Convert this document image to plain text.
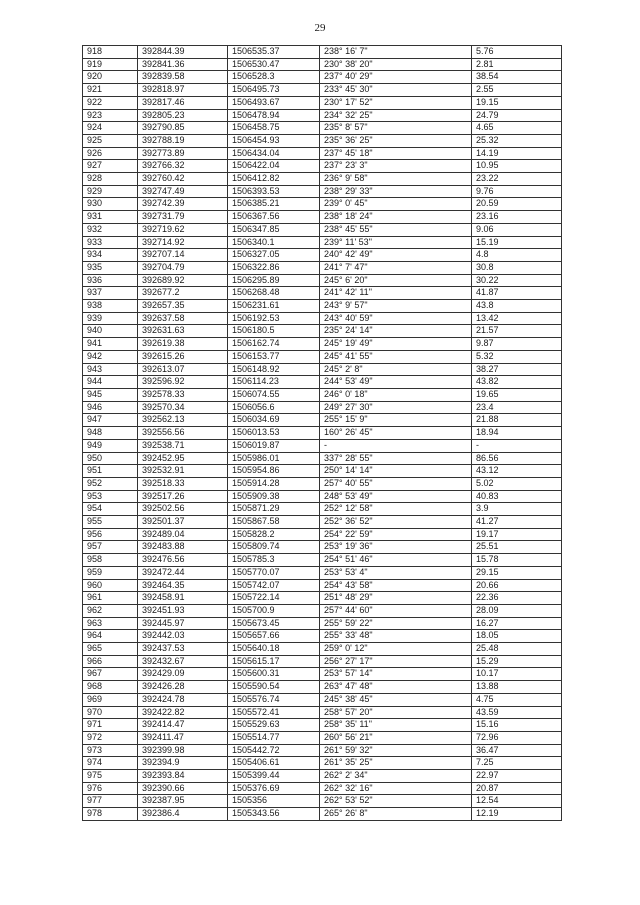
29
918	392844.39	1506535.37	238° 16' 7"	5.76
919	392841.36	1506530.47	230° 38' 20"	2.81
920	392839.58	1506528.3	237° 40' 29"	38.54
921	392818.97	1506495.73	233° 45' 30"	2.55
922	392817.46	1506493.67	230° 17' 52"	19.15
923	392805.23	1506478.94	234° 32' 25"	24.79
924	392790.85	1506458.75	235° 8' 57"	4.65
925	392788.19	1506454.93	235° 36' 25"	25.32
926	392773.89	1506434.04	237° 45' 18"	14.19
927	392766.32	1506422.04	237° 23' 3"	10.95
928	392760.42	1506412.82	236° 9' 58"	23.22
929	392747.49	1506393.53	238° 29' 33"	9.76
930	392742.39	1506385.21	239° 0' 45"	20.59
931	392731.79	1506367.56	238° 18' 24"	23.16
932	392719.62	1506347.85	238° 45' 55"	9.06
933	392714.92	1506340.1	239° 11' 53"	15.19
934	392707.14	1506327.05	240° 42' 49"	4.8
935	392704.79	1506322.86	241° 7' 47"	30.8
936	392689.92	1506295.89	245° 6' 20"	30.22
937	392677.2	1506268.48	241° 42' 11"	41.87
938	392657.35	1506231.61	243° 9' 57"	43.8
939	392637.58	1506192.53	243° 40' 59"	13.42
940	392631.63	1506180.5	235° 24' 14"	21.57
941	392619.38	1506162.74	245° 19' 49"	9.87
942	392615.26	1506153.77	245° 41' 55"	5.32
943	392613.07	1506148.92	245° 2' 8"	38.27
944	392596.92	1506114.23	244° 53' 49"	43.82
945	392578.33	1506074.55	246° 0' 18"	19.65
946	392570.34	1506056.6	249° 27' 30"	23.4
947	392562.13	1506034.69	255° 15' 9"	21.88
948	392556.56	1506013.53	160° 26' 45"	18.94
949	392538.71	1506019.87	-	-
950	392452.95	1505986.01	337° 28' 55"	86.56
951	392532.91	1505954.86	250° 14' 14"	43.12
952	392518.33	1505914.28	257° 40' 55"	5.02
953	392517.26	1505909.38	248° 53' 49"	40.83
954	392502.56	1505871.29	252° 12' 58"	3.9
955	392501.37	1505867.58	252° 36' 52"	41.27
956	392489.04	1505828.2	254° 22' 59"	19.17
957	392483.88	1505809.74	253° 19' 36"	25.51
958	392476.56	1505785.3	254° 51' 46"	15.78
959	392472.44	1505770.07	253° 53' 4"	29.15
960	392464.35	1505742.07	254° 43' 58"	20.66
961	392458.91	1505722.14	251° 48' 29"	22.36
962	392451.93	1505700.9	257° 44' 60"	28.09
963	392445.97	1505673.45	255° 59' 22"	16.27
964	392442.03	1505657.66	255° 33' 48"	18.05
965	392437.53	1505640.18	259° 0' 12"	25.48
966	392432.67	1505615.17	256° 27' 17"	15.29
967	392429.09	1505600.31	253° 57' 14"	10.17
968	392426.28	1505590.54	263° 47' 48"	13.88
969	392424.78	1505576.74	245° 38' 45"	4.75
970	392422.82	1505572.41	258° 57' 20"	43.59
971	392414.47	1505529.63	258° 35' 11"	15.16
972	392411.47	1505514.77	260° 56' 21"	72.96
973	392399.98	1505442.72	261° 59' 32"	36.47
974	392394.9	1505406.61	261° 35' 25"	7.25
975	392393.84	1505399.44	262° 2' 34"	22.97
976	392390.66	1505376.69	262° 32' 16"	20.87
977	392387.95	1505356	262° 53' 52"	12.54
978	392386.4	1505343.56	265° 26' 8"	12.19
